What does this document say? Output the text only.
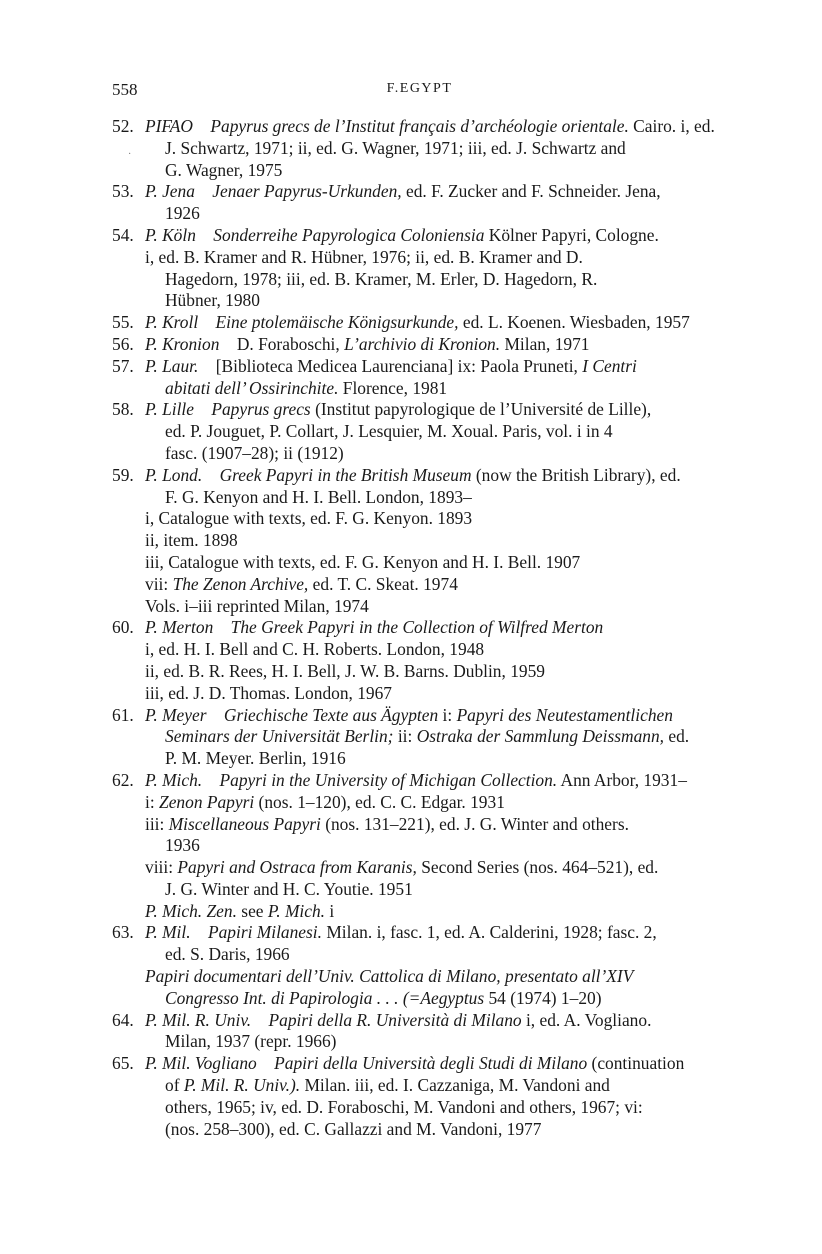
558	F.EGYPT
52.
·
PIFAO Papyrus grecs de l’Institut français d’archéologie orientale. Cairo. i, ed.
J. Schwartz, 1971; ii, ed. G. Wagner, 1971; iii, ed. J. Schwartz and
G. Wagner, 1975
53. P. Jena Jenaer Papyrus-Urkunden, ed. F. Zucker and F. Schneider. Jena,
1926
54. P. Köln Sonderreihe Papyrologica Coloniensia Kölner Papyri, Cologne.
i, ed. B. Kramer and R. Hübner, 1976; ii, ed. B. Kramer and D.
Hagedorn, 1978; iii, ed. B. Kramer, M. Erler, D. Hagedorn, R.
Hübner, 1980
55. P. Kroll Eine ptolemäische Königsurkunde, ed. L. Koenen. Wiesbaden, 1957
56. P. Kronion D. Foraboschi, L’archivio di Kronion. Milan, 1971
57. P. Laur. [Biblioteca Medicea Laurenciana] ix: Paola Pruneti, I Centri
abitati dell’ Ossirinchite. Florence, 1981
58. P. Lille Papyrus grecs (Institut papyrologique de l’Université de Lille),
ed. P. Jouguet, P. Collart, J. Lesquier, M. Xoual. Paris, vol. i in 4
fasc. (1907–28); ii (1912)
59. P. Lond. Greek Papyri in the British Museum (now the British Library), ed.
F. G. Kenyon and H. I. Bell. London, 1893–
i, Catalogue with texts, ed. F. G. Kenyon. 1893
ii, item. 1898
iii, Catalogue with texts, ed. F. G. Kenyon and H. I. Bell. 1907
vii: The Zenon Archive, ed. T. C. Skeat. 1974
Vols. i–iii reprinted Milan, 1974
60. P. Merton The Greek Papyri in the Collection of Wilfred Merton
i, ed. H. I. Bell and C. H. Roberts. London, 1948
ii, ed. B. R. Rees, H. I. Bell, J. W. B. Barns. Dublin, 1959
iii, ed. J. D. Thomas. London, 1967
61. P. Meyer Griechische Texte aus Ägypten i: Papyri des Neutestamentlichen
Seminars der Universität Berlin; ii: Ostraka der Sammlung Deissmann, ed.
P. M. Meyer. Berlin, 1916
62. P. Mich. Papyri in the University of Michigan Collection. Ann Arbor, 1931–
i: Zenon Papyri (nos. 1–120), ed. C. C. Edgar. 1931
iii: Miscellaneous Papyri (nos. 131–221), ed. J. G. Winter and others.
1936
viii: Papyri and Ostraca from Karanis, Second Series (nos. 464–521), ed.
J. G. Winter and H. C. Youtie. 1951
P. Mich. Zen. see P. Mich. i
63. P. Mil. Papiri Milanesi. Milan. i, fasc. 1, ed. A. Calderini, 1928; fasc. 2,
ed. S. Daris, 1966
Papiri documentari dell’Univ. Cattolica di Milano, presentato all’XIV
Congresso Int. di Papirologia . . . (=Aegyptus 54 (1974) 1–20)
64. P. Mil. R. Univ. Papiri della R. Università di Milano i, ed. A. Vogliano.
Milan, 1937 (repr. 1966)
65. P. Mil. Vogliano Papiri della Università degli Studi di Milano (continuation
of P. Mil. R. Univ.). Milan. iii, ed. I. Cazzaniga, M. Vandoni and
others, 1965; iv, ed. D. Foraboschi, M. Vandoni and others, 1967; vi:
(nos. 258–300), ed. C. Gallazzi and M. Vandoni, 1977
